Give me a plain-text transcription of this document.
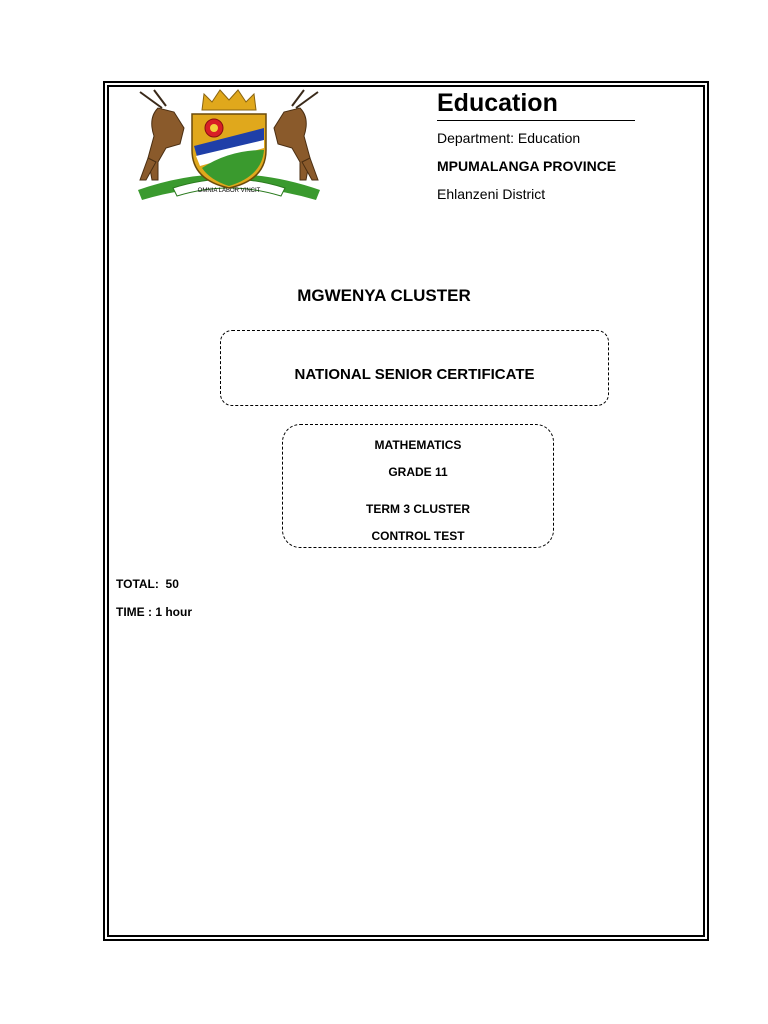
OMNIA LABOR VINCIT
Education
Department: Education
MPUMALANGA PROVINCE
Ehlanzeni District
MGWENYA CLUSTER
NATIONAL SENIOR CERTIFICATE
MATHEMATICS
GRADE 11
TERM 3 CLUSTER
CONTROL TEST
TOTAL:  50
TIME : 1 hour
